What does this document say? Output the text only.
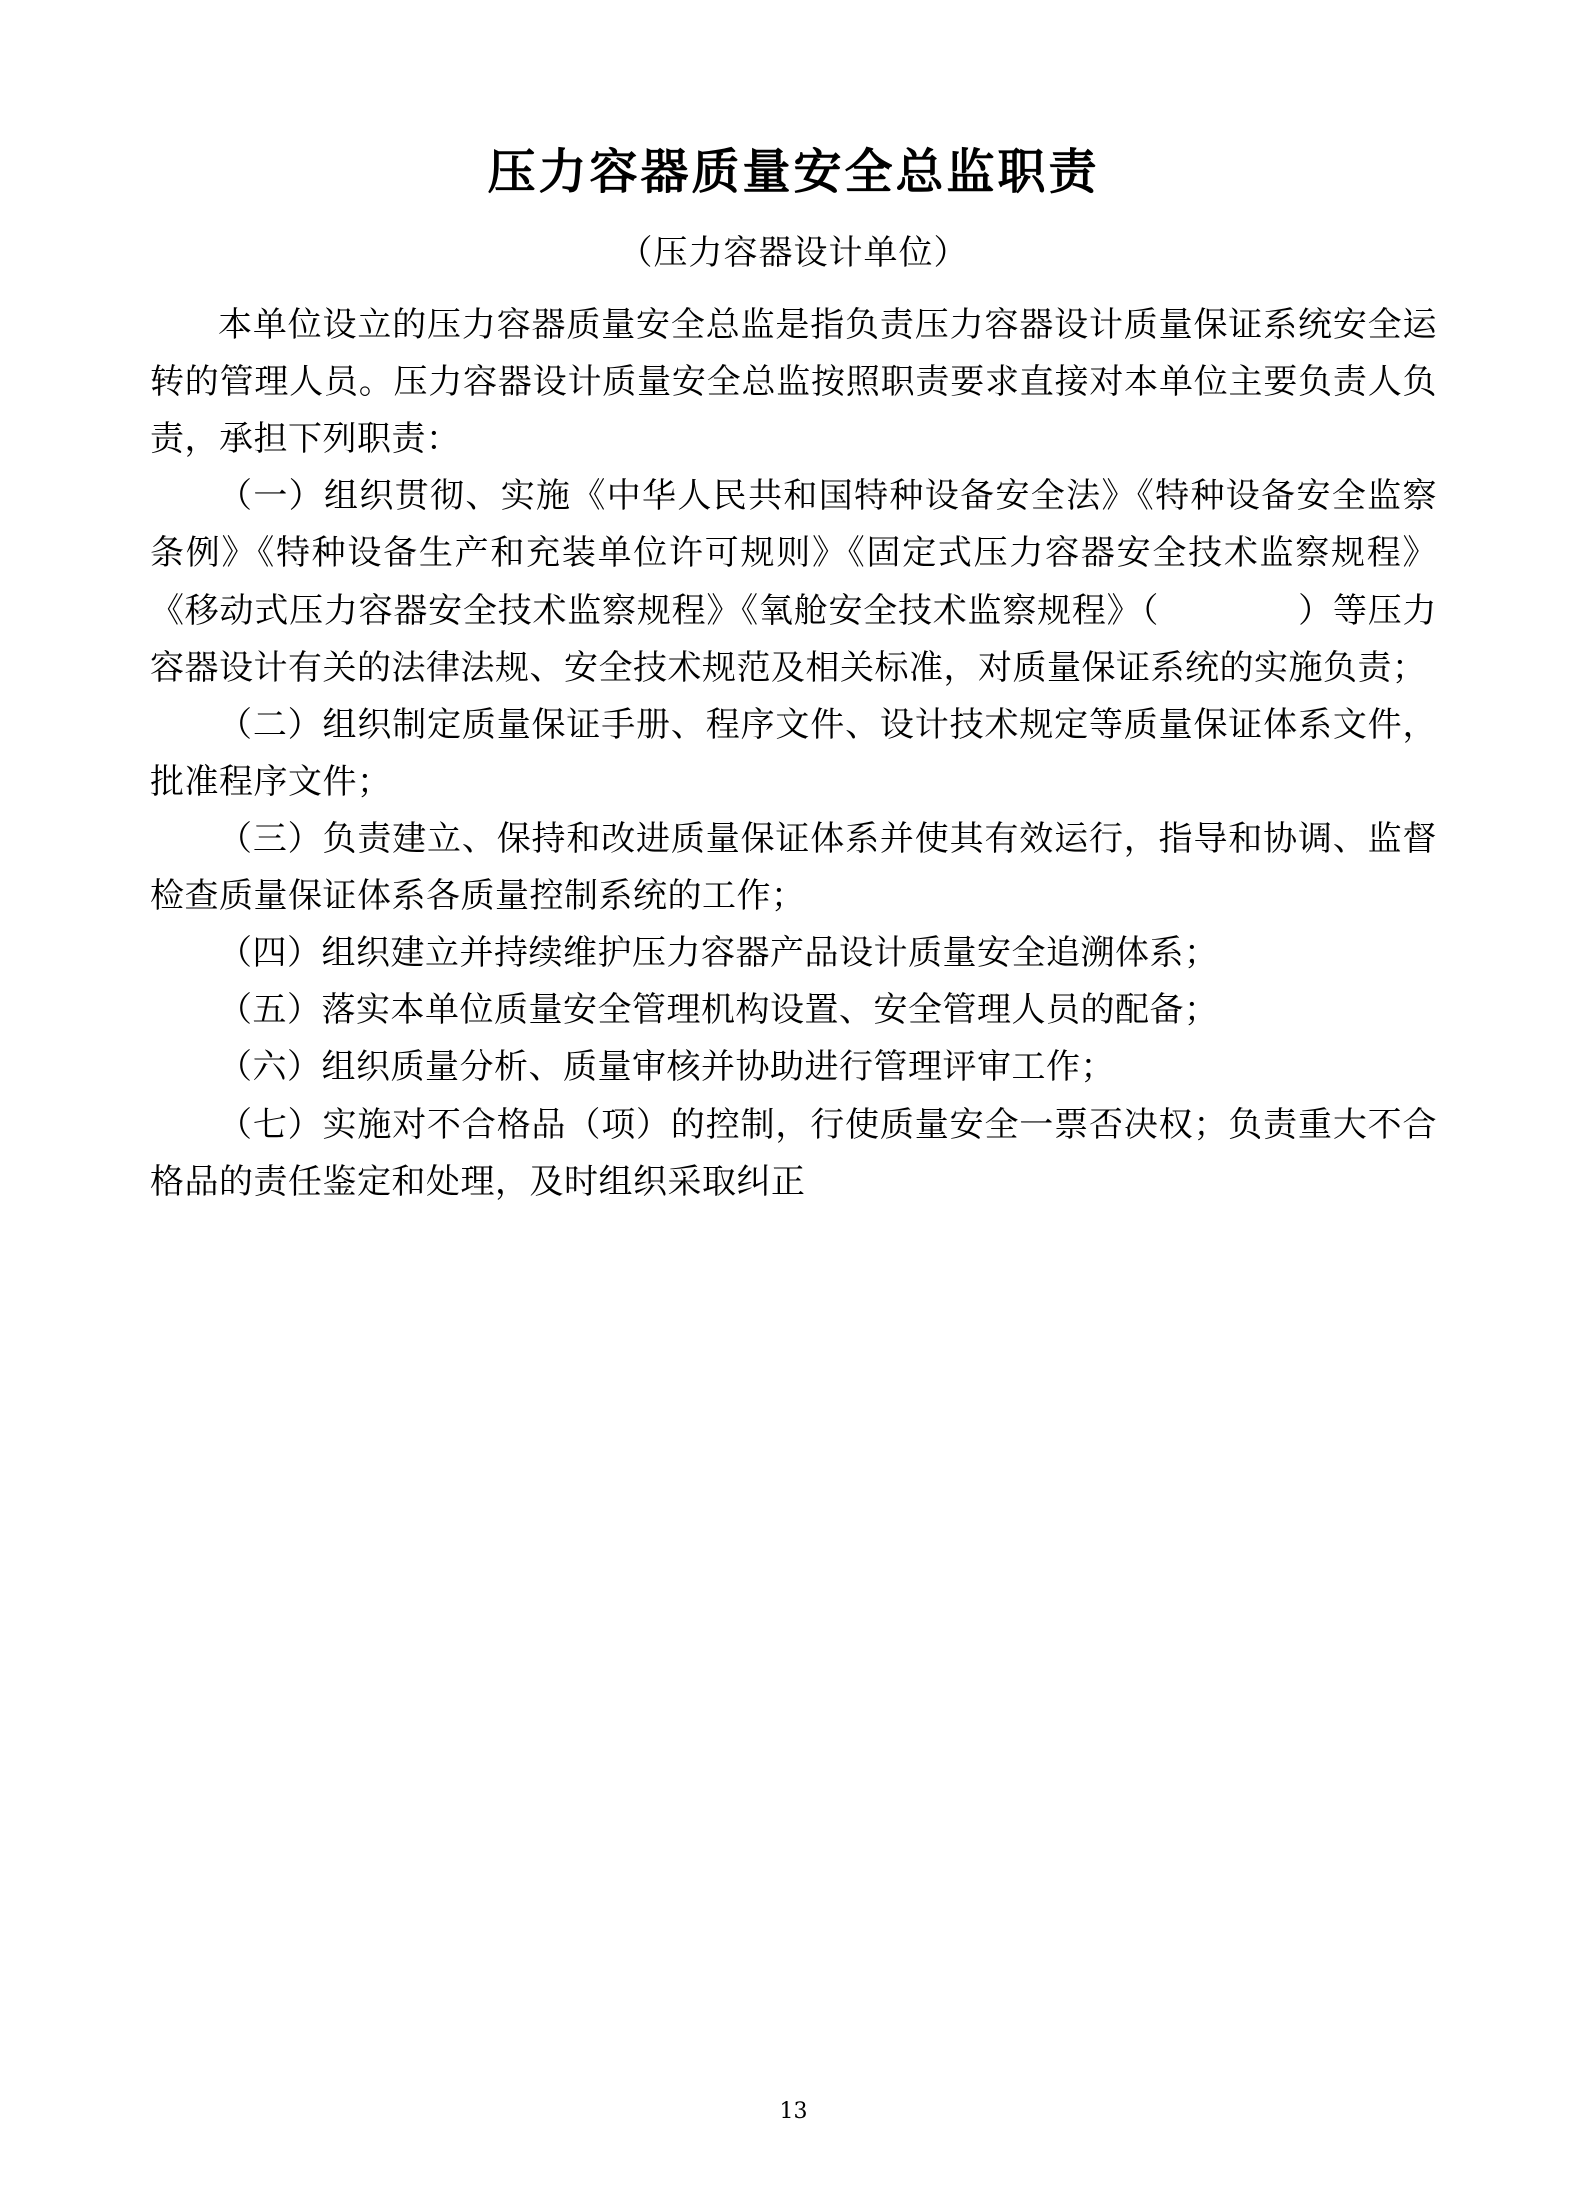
压力容器质量安全总监职责
（压力容器设计单位）

本单位设立的压力容器质量安全总监是指负责压力容器设计质量保证系统安全运转的管理人员。压力容器设计质量安全总监按照职责要求直接对本单位主要负责人负责，承担下列职责：

（一）组织贯彻、实施《中华人民共和国特种设备安全法》《特种设备安全监察条例》《特种设备生产和充装单位许可规则》《固定式压力容器安全技术监察规程》《移动式压力容器安全技术监察规程》《氧舱安全技术监察规程》（            ）等压力容器设计有关的法律法规、安全技术规范及相关标准，对质量保证系统的实施负责；

（二）组织制定质量保证手册、程序文件、设计技术规定等质量保证体系文件，批准程序文件；

（三）负责建立、保持和改进质量保证体系并使其有效运行，指导和协调、监督检查质量保证体系各质量控制系统的工作；

（四）组织建立并持续维护压力容器产品设计质量安全追溯体系；

（五）落实本单位质量安全管理机构设置、安全管理人员的配备；

（六）组织质量分析、质量审核并协助进行管理评审工作；

（七）实施对不合格品（项）的控制，行使质量安全一票否决权；负责重大不合格品的责任鉴定和处理，及时组织采取纠正

13
